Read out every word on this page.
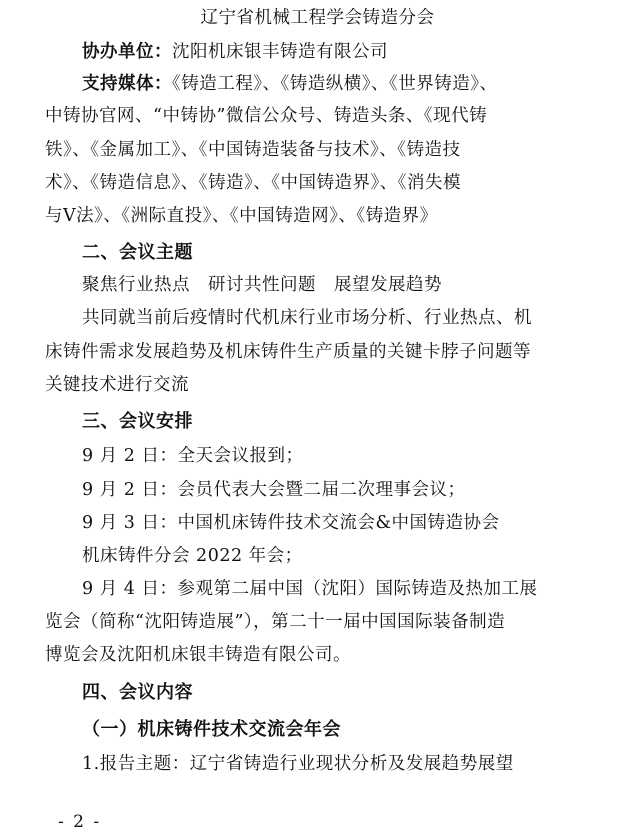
辽宁省机械工程学会铸造分会
协办单位：沈阳机床银丰铸造有限公司
支持媒体：《铸造工程》、《铸造纵横》、《世界铸造》、
中铸协官网、“中铸协”微信公众号、铸造头条、《现代铸
铁》、《金属加工》、《中国铸造装备与技术》、《铸造技
术》、《铸造信息》、《铸造》、《中国铸造界》、《消失模
与V法》、《洲际直投》、《中国铸造网》、《铸造界》
二、会议主题
聚焦行业热点　研讨共性问题　展望发展趋势
共同就当前后疫情时代机床行业市场分析、行业热点、机
床铸件需求发展趋势及机床铸件生产质量的关键卡脖子问题等
关键技术进行交流
三、会议安排
9 月 2 日：全天会议报到；
9 月 2 日：会员代表大会暨二届二次理事会议；
9 月 3 日：中国机床铸件技术交流会&中国铸造协会
机床铸件分会 2022 年会；
9 月 4 日：参观第二届中国（沈阳）国际铸造及热加工展
览会（简称“沈阳铸造展”），第二十一届中国国际装备制造
博览会及沈阳机床银丰铸造有限公司。
四、会议内容
（一）机床铸件技术交流会年会
1.报告主题：辽宁省铸造行业现状分析及发展趋势展望
- 2 -
